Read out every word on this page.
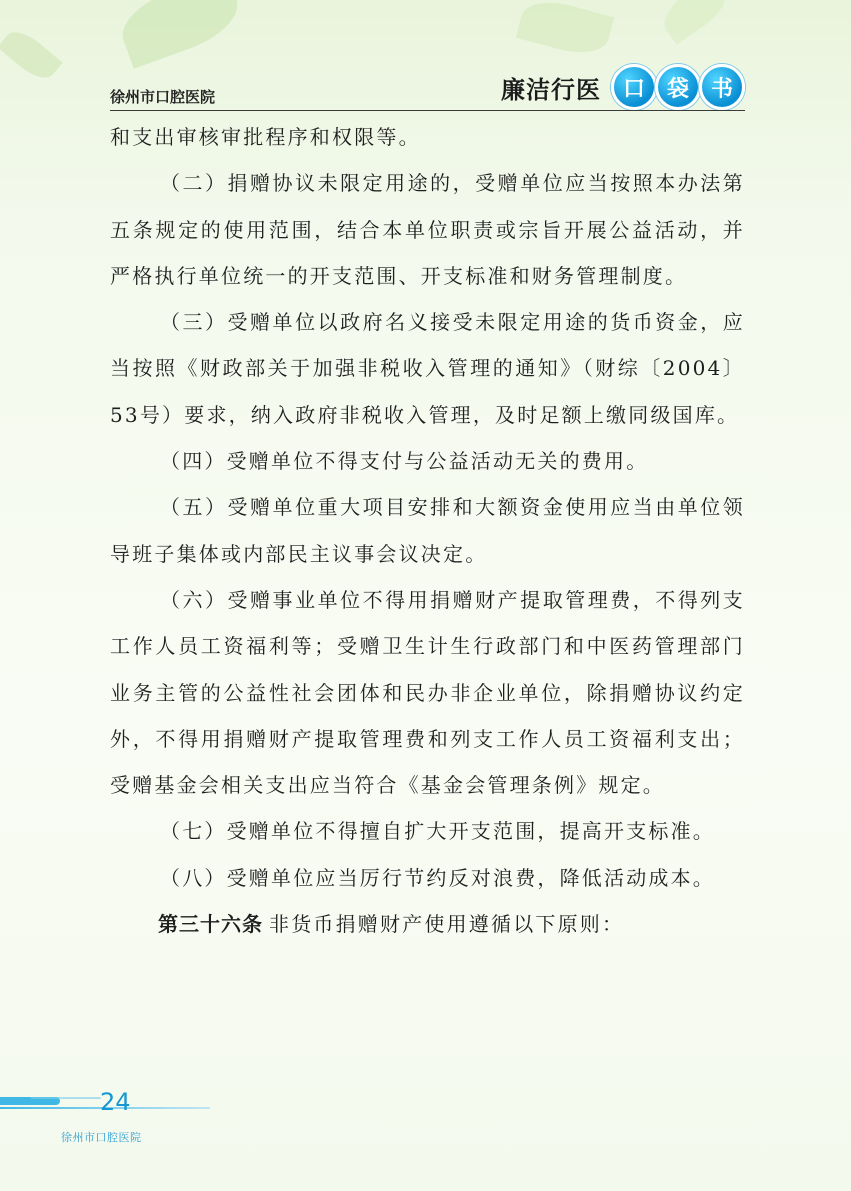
徐州市口腔医院	廉洁行医 口 袋 书

和支出审核审批程序和权限等。

（二）捐赠协议未限定用途的，受赠单位应当按照本办法第五条规定的使用范围，结合本单位职责或宗旨开展公益活动，并严格执行单位统一的开支范围、开支标准和财务管理制度。

（三）受赠单位以政府名义接受未限定用途的货币资金，应当按照《财政部关于加强非税收入管理的通知》（财综〔2004〕53号）要求，纳入政府非税收入管理，及时足额上缴同级国库。

（四）受赠单位不得支付与公益活动无关的费用。

（五）受赠单位重大项目安排和大额资金使用应当由单位领导班子集体或内部民主议事会议决定。

（六）受赠事业单位不得用捐赠财产提取管理费，不得列支工作人员工资福利等；受赠卫生计生行政部门和中医药管理部门业务主管的公益性社会团体和民办非企业单位，除捐赠协议约定外，不得用捐赠财产提取管理费和列支工作人员工资福利支出；受赠基金会相关支出应当符合《基金会管理条例》规定。

（七）受赠单位不得擅自扩大开支范围，提高开支标准。

（八）受赠单位应当厉行节约反对浪费，降低活动成本。

第三十六条 非货币捐赠财产使用遵循以下原则：

24
徐州市口腔医院
